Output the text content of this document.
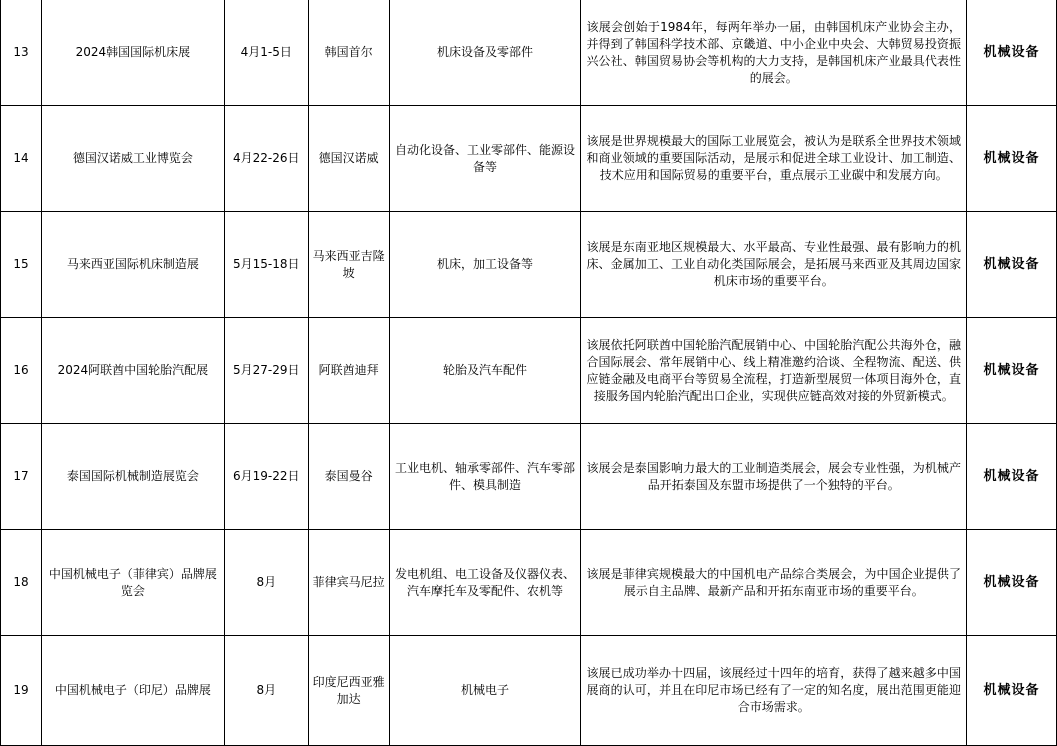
13	2024韩国国际机床展	4月1-5日	韩国首尔	机床设备及零部件	该展会创始于1984年，每两年举办一届，由韩国机床产业协会主办，并得到了韩国科学技术部、京畿道、中小企业中央会、大韩贸易投资振兴公社、韩国贸易协会等机构的大力支持，是韩国机床产业最具代表性的展会。	机械设备
14	德国汉诺威工业博览会	4月22-26日	德国汉诺威	自动化设备、工业零部件、能源设备等	该展是世界规模最大的国际工业展览会，被认为是联系全世界技术领域和商业领域的重要国际活动，是展示和促进全球工业设计、加工制造、技术应用和国际贸易的重要平台，重点展示工业碳中和发展方向。	机械设备
15	马来西亚国际机床制造展	5月15-18日	马来西亚吉隆坡	机床，加工设备等	该展是东南亚地区规模最大、水平最高、专业性最强、最有影响力的机床、金属加工、工业自动化类国际展会，是拓展马来西亚及其周边国家机床市场的重要平台。	机械设备
16	2024阿联酋中国轮胎汽配展	5月27-29日	阿联酋迪拜	轮胎及汽车配件	该展依托阿联酋中国轮胎汽配展销中心、中国轮胎汽配公共海外仓，融合国际展会、常年展销中心、线上精准邀约洽谈、全程物流、配送、供应链金融及电商平台等贸易全流程，打造新型展贸一体项目海外仓，直接服务国内轮胎汽配出口企业，实现供应链高效对接的外贸新模式。	机械设备
17	泰国国际机械制造展览会	6月19-22日	泰国曼谷	工业电机、轴承零部件、汽车零部件、模具制造	该展会是泰国影响力最大的工业制造类展会，展会专业性强，为机械产品开拓泰国及东盟市场提供了一个独特的平台。	机械设备
18	中国机械电子（菲律宾）品牌展览会	8月	菲律宾马尼拉	发电机组、电工设备及仪器仪表、汽车摩托车及零配件、农机等	该展是菲律宾规模最大的中国机电产品综合类展会，为中国企业提供了展示自主品牌、最新产品和开拓东南亚市场的重要平台。	机械设备
19	中国机械电子（印尼）品牌展	8月	印度尼西亚雅加达	机械电子	该展已成功举办十四届，该展经过十四年的培育，获得了越来越多中国展商的认可，并且在印尼市场已经有了一定的知名度，展出范围更能迎合市场需求。	机械设备
